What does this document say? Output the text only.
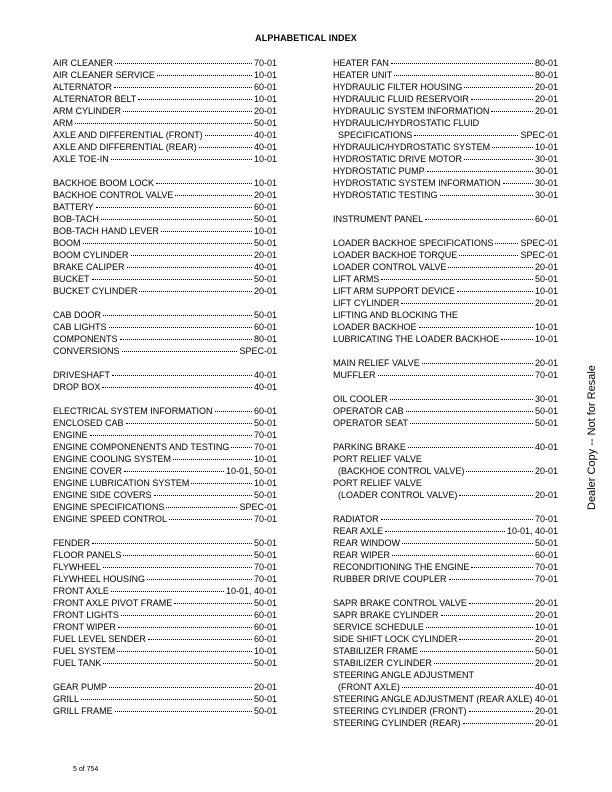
ALPHABETICAL INDEX
AIR CLEANER	70-01
AIR CLEANER SERVICE	10-01
ALTERNATOR	60-01
ALTERNATOR BELT	10-01
ARM CYLINDER	20-01
ARM	50-01
AXLE AND DIFFERENTIAL (FRONT)	40-01
AXLE AND DIFFERENTIAL (REAR)	40-01
AXLE TOE-IN	10-01
BACKHOE BOOM LOCK	10-01
BACKHOE CONTROL VALVE	20-01
BATTERY	60-01
BOB-TACH	50-01
BOB-TACH HAND LEVER	10-01
BOOM	50-01
BOOM CYLINDER	20-01
BRAKE CALIPER	40-01
BUCKET	50-01
BUCKET CYLINDER	20-01
CAB DOOR	50-01
CAB LIGHTS	60-01
COMPONENTS	80-01
CONVERSIONS	SPEC-01
DRIVESHAFT	40-01
DROP BOX	40-01
ELECTRICAL SYSTEM INFORMATION	60-01
ENCLOSED CAB	50-01
ENGINE	70-01
ENGINE COMPONENENTS AND TESTING	70-01
ENGINE COOLING SYSTEM	10-01
ENGINE COVER	10-01, 50-01
ENGINE LUBRICATION SYSTEM	10-01
ENGINE SIDE COVERS	50-01
ENGINE SPECIFICATIONS	SPEC-01
ENGINE SPEED CONTROL	70-01
FENDER	50-01
FLOOR PANELS	50-01
FLYWHEEL	70-01
FLYWHEEL HOUSING	70-01
FRONT AXLE	10-01, 40-01
FRONT AXLE PIVOT FRAME	50-01
FRONT LIGHTS	60-01
FRONT WIPER	60-01
FUEL LEVEL SENDER	60-01
FUEL SYSTEM	10-01
FUEL TANK	50-01
GEAR PUMP	20-01
GRILL	50-01
GRILL FRAME	50-01
HEATER FAN	80-01
HEATER UNIT	80-01
HYDRAULIC FILTER HOUSING	20-01
HYDRAULIC FLUID RESERVOIR	20-01
HYDRAULIC SYSTEM INFORMATION	20-01
HYDRAULIC/HYDROSTATIC FLUID
SPECIFICATIONS	SPEC-01
HYDRAULIC/HYDROSTATIC SYSTEM	10-01
HYDROSTATIC DRIVE MOTOR	30-01
HYDROSTATIC PUMP	30-01
HYDROSTATIC SYSTEM INFORMATION	30-01
HYDROSTATIC TESTING	30-01
INSTRUMENT PANEL	60-01
LOADER BACKHOE SPECIFICATIONS	SPEC-01
LOADER BACKHOE TORQUE	SPEC-01
LOADER CONTROL VALVE	20-01
LIFT ARMS	50-01
LIFT ARM SUPPORT DEVICE	10-01
LIFT CYLINDER	20-01
LIFTING AND BLOCKING THE
LOADER BACKHOE	10-01
LUBRICATING THE LOADER BACKHOE	10-01
MAIN RELIEF VALVE	20-01
MUFFLER	70-01
OIL COOLER	30-01
OPERATOR CAB	50-01
OPERATOR SEAT	50-01
PARKING BRAKE	40-01
PORT RELIEF VALVE
(BACKHOE CONTROL VALVE)	20-01
PORT RELIEF VALVE
(LOADER CONTROL VALVE)	20-01
RADIATOR	70-01
REAR AXLE	10-01, 40-01
REAR WINDOW	50-01
REAR WIPER	60-01
RECONDITIONING THE ENGINE	70-01
RUBBER DRIVE COUPLER	70-01
SAPR BRAKE CONTROL VALVE	20-01
SAPR BRAKE CYLINDER	20-01
SERVICE SCHEDULE	10-01
SIDE SHIFT LOCK CYLINDER	20-01
STABILIZER FRAME	50-01
STABILIZER CYLINDER	20-01
STEERING ANGLE ADJUSTMENT
(FRONT AXLE)	40-01
STEERING ANGLE ADJUSTMENT (REAR AXLE) 40-01
STEERING CYLINDER (FRONT)	20-01
STEERING CYLINDER (REAR)	20-01
Dealer Copy -- Not for Resale
5 of 754
